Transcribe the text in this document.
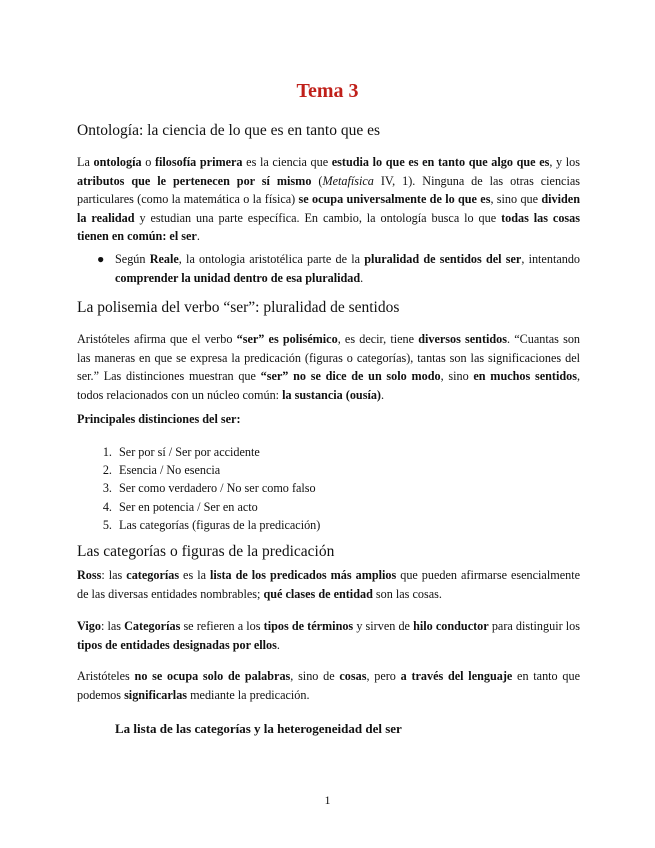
Tema 3
Ontología: la ciencia de lo que es en tanto que es
La ontología o filosofía primera es la ciencia que estudia lo que es en tanto que algo que es, y los atributos que le pertenecen por sí mismo (Metafísica IV, 1). Ninguna de las otras ciencias particulares (como la matemática o la física) se ocupa universalmente de lo que es, sino que dividen la realidad y estudian una parte específica. En cambio, la ontología busca lo que todas las cosas tienen en común: el ser.
● Según Reale, la ontologia aristotélica parte de la pluralidad de sentidos del ser, intentando comprender la unidad dentro de esa pluralidad.
La polisemia del verbo “ser”: pluralidad de sentidos
Aristóteles afirma que el verbo “ser” es polisémico, es decir, tiene diversos sentidos. “Cuantas son las maneras en que se expresa la predicación (figuras o categorías), tantas son las significaciones del ser.” Las distinciones muestran que “ser” no se dice de un solo modo, sino en muchos sentidos, todos relacionados con un núcleo común: la sustancia (ousía).
Principales distinciones del ser:
1. Ser por sí / Ser por accidente
2. Esencia / No esencia
3. Ser como verdadero / No ser como falso
4. Ser en potencia / Ser en acto
5. Las categorías (figuras de la predicación)
Las categorías o figuras de la predicación
Ross: las categorías es la lista de los predicados más amplios que pueden afirmarse esencialmente de las diversas entidades nombrables; qué clases de entidad son las cosas.
Vigo: las Categorías se refieren a los tipos de términos y sirven de hilo conductor para distinguir los tipos de entidades designadas por ellos.
Aristóteles no se ocupa solo de palabras, sino de cosas, pero a través del lenguaje en tanto que podemos significarlas mediante la predicación.
La lista de las categorías y la heterogeneidad del ser
1
